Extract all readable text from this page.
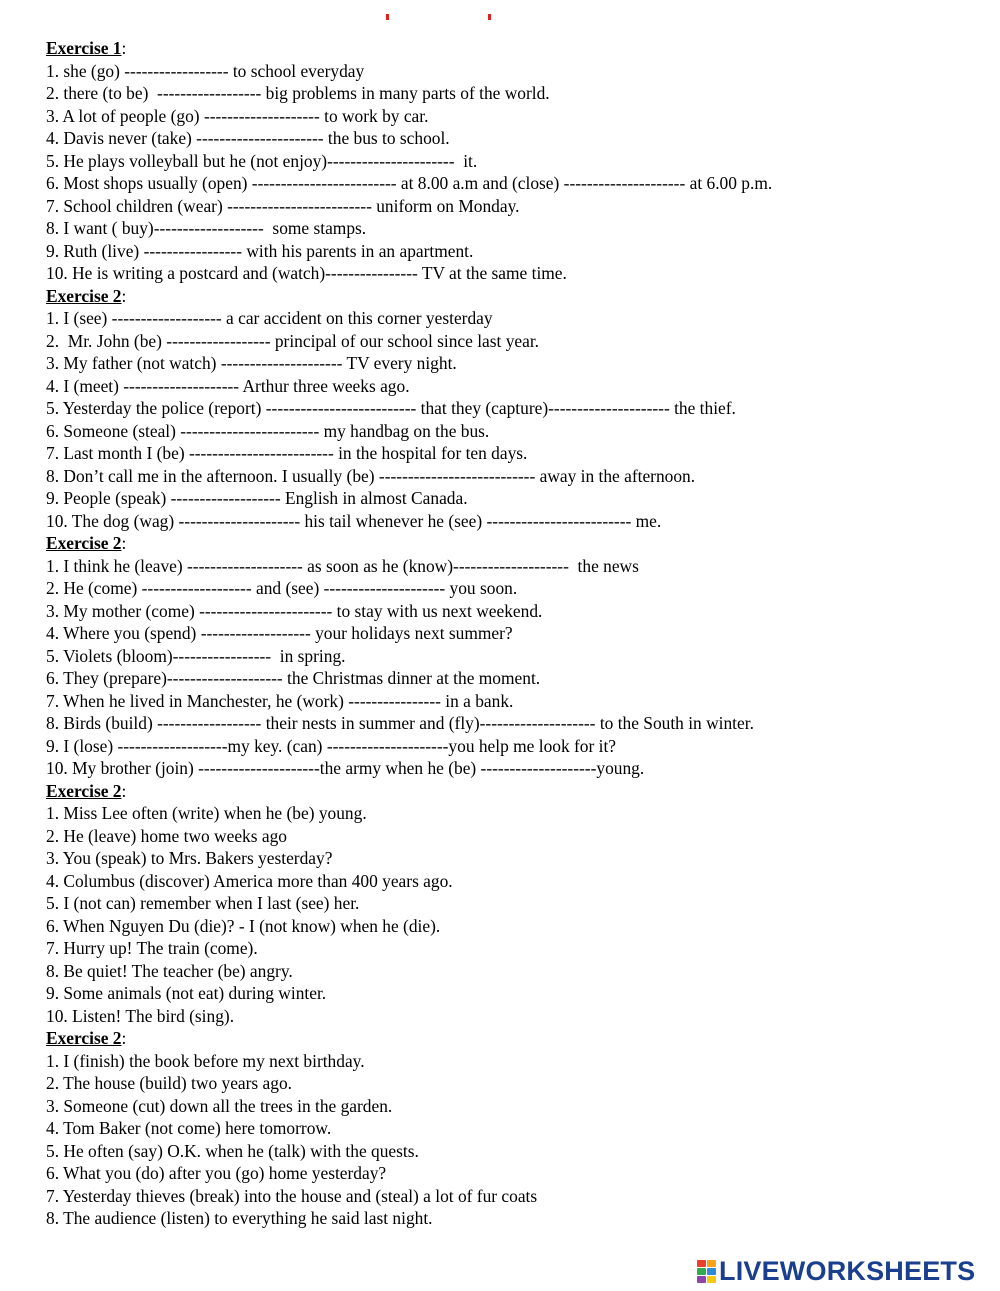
Exercise 1:
1. she (go) ------------------ to school everyday
2. there (to be)  ------------------ big problems in many parts of the world.
3. A lot of people (go) -------------------- to work by car.
4. Davis never (take) ---------------------- the bus to school.
5. He plays volleyball but he (not enjoy)----------------------  it.
6. Most shops usually (open) ------------------------- at 8.00 a.m and (close) --------------------- at 6.00 p.m.
7. School children (wear) ------------------------- uniform on Monday.
8. I want ( buy)-------------------  some stamps.
9. Ruth (live) ----------------- with his parents in an apartment.
10. He is writing a postcard and (watch)---------------- TV at the same time.
Exercise 2:
1. I (see) ------------------- a car accident on this corner yesterday
2.  Mr. John (be) ------------------ principal of our school since last year.
3. My father (not watch) --------------------- TV every night.
4. I (meet) -------------------- Arthur three weeks ago.
5. Yesterday the police (report) -------------------------- that they (capture)--------------------- the thief.
6. Someone (steal) ------------------------ my handbag on the bus.
7. Last month I (be) ------------------------- in the hospital for ten days.
8. Don’t call me in the afternoon. I usually (be) --------------------------- away in the afternoon.
9. People (speak) ------------------- English in almost Canada.
10. The dog (wag) --------------------- his tail whenever he (see) ------------------------- me.
Exercise 2:
1. I think he (leave) -------------------- as soon as he (know)--------------------  the news
2. He (come) ------------------- and (see) --------------------- you soon.
3. My mother (come) ----------------------- to stay with us next weekend.
4. Where you (spend) ------------------- your holidays next summer?
5. Violets (bloom)-----------------  in spring.
6. They (prepare)-------------------- the Christmas dinner at the moment.
7. When he lived in Manchester, he (work) ---------------- in a bank.
8. Birds (build) ------------------ their nests in summer and (fly)-------------------- to the South in winter.
9. I (lose) -------------------my key. (can) ---------------------you help me look for it?
10. My brother (join) ---------------------the army when he (be) --------------------young.
Exercise 2:
1. Miss Lee often (write) when he (be) young.
2. He (leave) home two weeks ago
3. You (speak) to Mrs. Bakers yesterday?
4. Columbus (discover) America more than 400 years ago.
5. I (not can) remember when I last (see) her.
6. When Nguyen Du (die)? - I (not know) when he (die).
7. Hurry up! The train (come).
8. Be quiet! The teacher (be) angry.
9. Some animals (not eat) during winter.
10. Listen! The bird (sing).
Exercise 2:
1. I (finish) the book before my next birthday.
2. The house (build) two years ago.
3. Someone (cut) down all the trees in the garden.
4. Tom Baker (not come) here tomorrow.
5. He often (say) O.K. when he (talk) with the quests.
6. What you (do) after you (go) home yesterday?
7. Yesterday thieves (break) into the house and (steal) a lot of fur coats
8. The audience (listen) to everything he said last night.
LIVEWORKSHEETS
